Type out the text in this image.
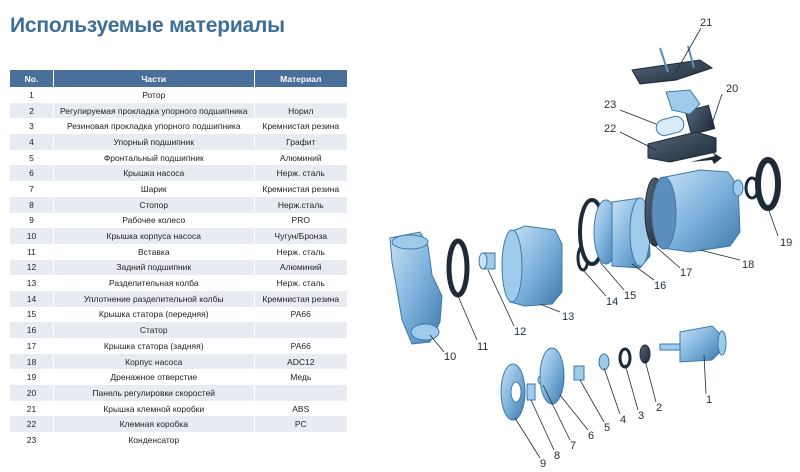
Используемые материалы
No.	Части	Материал
1	Ротор	
2	Регулируемая прокладка упорного подшипника	Норил
3	Резиновая прокладка упорного подшипника	Кремнистая резина
4	Упорный подшипник	Графит
5	Фронтальный подшипник	Алюминий
6	Крышка насоса	Нерж. сталь
7	Шарик	Кремнистая резина
8	Стопор	Нерж.сталь
9	Рабочее колесо	PRO
10	Крышка корпуса насоса	Чугун/Бронза
11	Вставка	Нерж. сталь
12	Задний подшипник	Алюминий
13	Разделительная колба	Нерж. сталь
14	Уплотнение разделительной колбы	Кремнистая резина
15	Крышка статора (передняя)	PA66
16	Статор	
17	Крышка статора (задняя)	PA66
18	Корпус насоса	ADC12
19	Дренажное отверстие	Медь
20	Панель регулировки скоростей	
21	Крышка клемной коробки	ABS
22	Клемная коробка	PC
23	Конденсатор	
1
2
3
4
5
6
7
8
9
10
11
12
13
14 15
16
17
18
19
20
21
22
23
